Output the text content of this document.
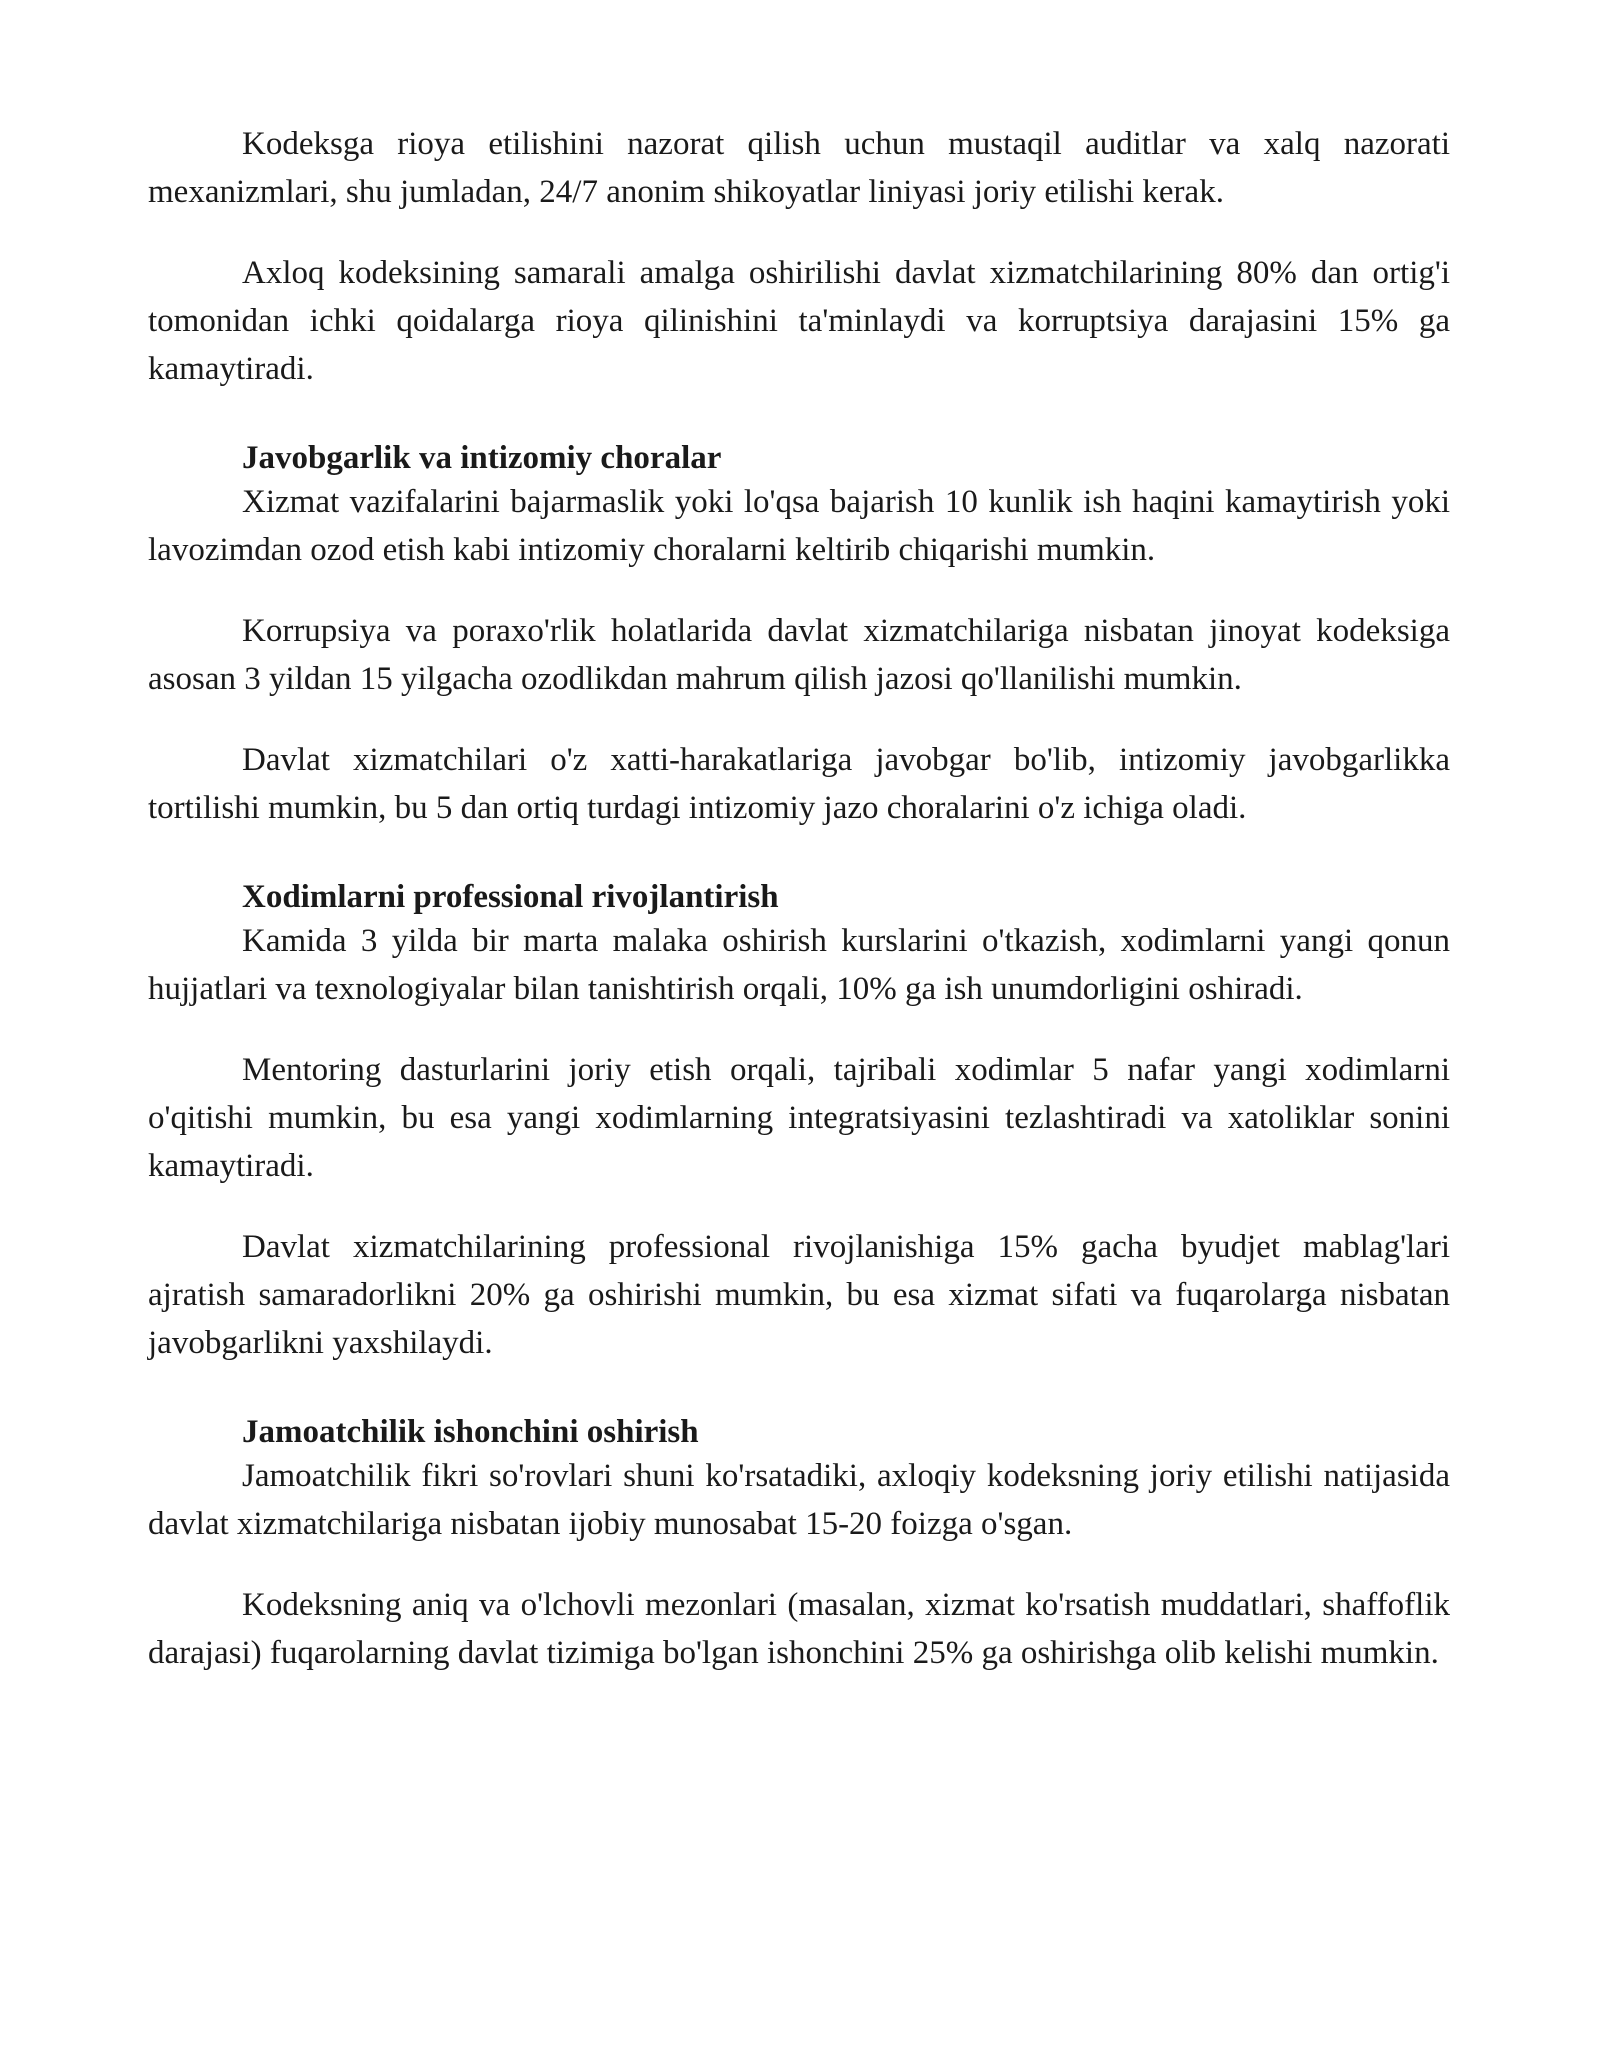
Kodeksga rioya etilishini nazorat qilish uchun mustaqil auditlar va xalq nazorati mexanizmlari, shu jumladan, 24/7 anonim shikoyatlar liniyasi joriy etilishi kerak.

Axloq kodeksining samarali amalga oshirilishi davlat xizmatchilarining 80% dan ortig'i tomonidan ichki qoidalarga rioya qilinishini ta'minlaydi va korruptsiya darajasini 15% ga kamaytiradi.

Javobgarlik va intizomiy choralar

Xizmat vazifalarini bajarmaslik yoki lo'qsa bajarish 10 kunlik ish haqini kamaytirish yoki lavozimdan ozod etish kabi intizomiy choralarni keltirib chiqarishi mumkin.

Korrupsiya va poraxo'rlik holatlarida davlat xizmatchilariga nisbatan jinoyat kodeksiga asosan 3 yildan 15 yilgacha ozodlikdan mahrum qilish jazosi qo'llanilishi mumkin.

Davlat xizmatchilari o'z xatti-harakatlariga javobgar bo'lib, intizomiy javobgarlikka tortilishi mumkin, bu 5 dan ortiq turdagi intizomiy jazo choralarini o'z ichiga oladi.

Xodimlarni professional rivojlantirish

Kamida 3 yilda bir marta malaka oshirish kurslarini o'tkazish, xodimlarni yangi qonun hujjatlari va texnologiyalar bilan tanishtirish orqali, 10% ga ish unumdorligini oshiradi.

Mentoring dasturlarini joriy etish orqali, tajribali xodimlar 5 nafar yangi xodimlarni o'qitishi mumkin, bu esa yangi xodimlarning integratsiyasini tezlashtiradi va xatoliklar sonini kamaytiradi.

Davlat xizmatchilarining professional rivojlanishiga 15% gacha byudjet mablag'lari ajratish samaradorlikni 20% ga oshirishi mumkin, bu esa xizmat sifati va fuqarolarga nisbatan javobgarlikni yaxshilaydi.

Jamoatchilik ishonchini oshirish

Jamoatchilik fikri so'rovlari shuni ko'rsatadiki, axloqiy kodeksning joriy etilishi natijasida davlat xizmatchilariga nisbatan ijobiy munosabat 15-20 foizga o'sgan.

Kodeksning aniq va o'lchovli mezonlari (masalan, xizmat ko'rsatish muddatlari, shaffoflik darajasi) fuqarolarning davlat tizimiga bo'lgan ishonchini 25% ga oshirishga olib kelishi mumkin.
